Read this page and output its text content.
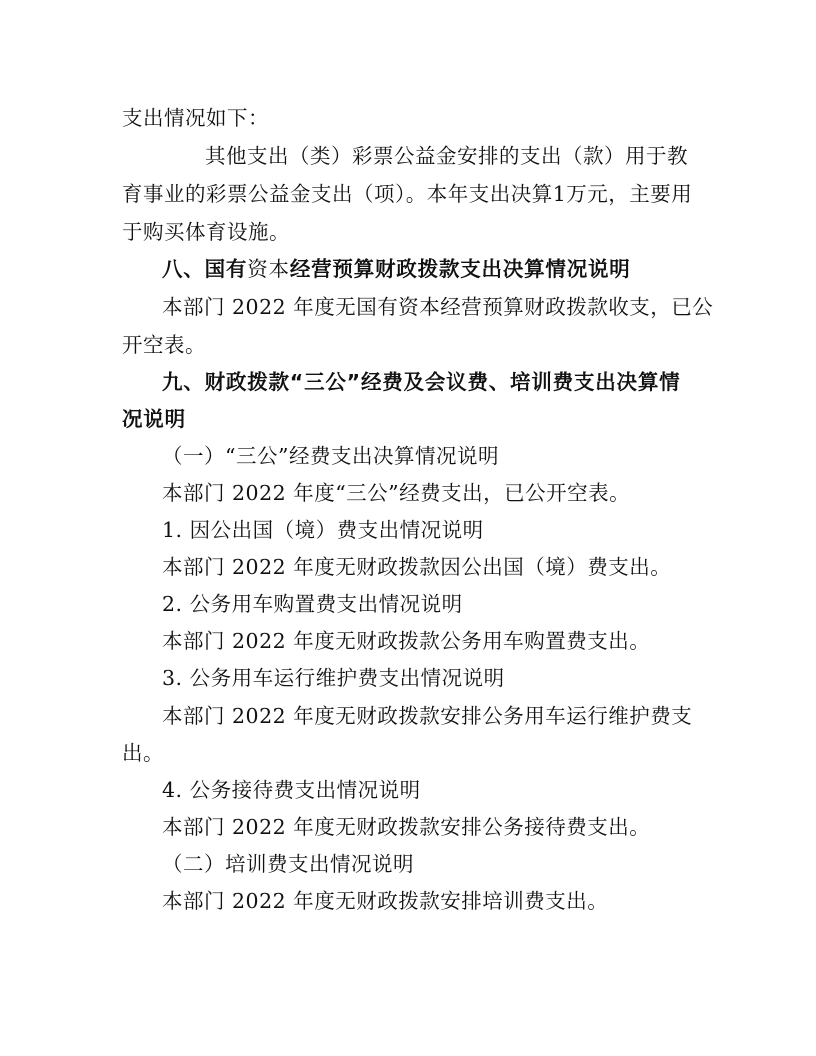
支出情况如下：
其他支出（类）彩票公益金安排的支出（款）用于教
育事业的彩票公益金支出（项）。本年支出决算1万元，主要用
于购买体育设施。
八、国有资本经营预算财政拨款支出决算情况说明
本部门 2022 年度无国有资本经营预算财政拨款收支，已公
开空表。
九、财政拨款“三公”经费及会议费、培训费支出决算情
况说明
（一）“三公”经费支出决算情况说明
本部门 2022 年度“三公”经费支出，已公开空表。
1. 因公出国（境）费支出情况说明
本部门 2022 年度无财政拨款因公出国（境）费支出。
2. 公务用车购置费支出情况说明
本部门 2022 年度无财政拨款公务用车购置费支出。
3. 公务用车运行维护费支出情况说明
本部门 2022 年度无财政拨款安排公务用车运行维护费支
出。
4. 公务接待费支出情况说明
本部门 2022 年度无财政拨款安排公务接待费支出。
（二）培训费支出情况说明
本部门 2022 年度无财政拨款安排培训费支出。
